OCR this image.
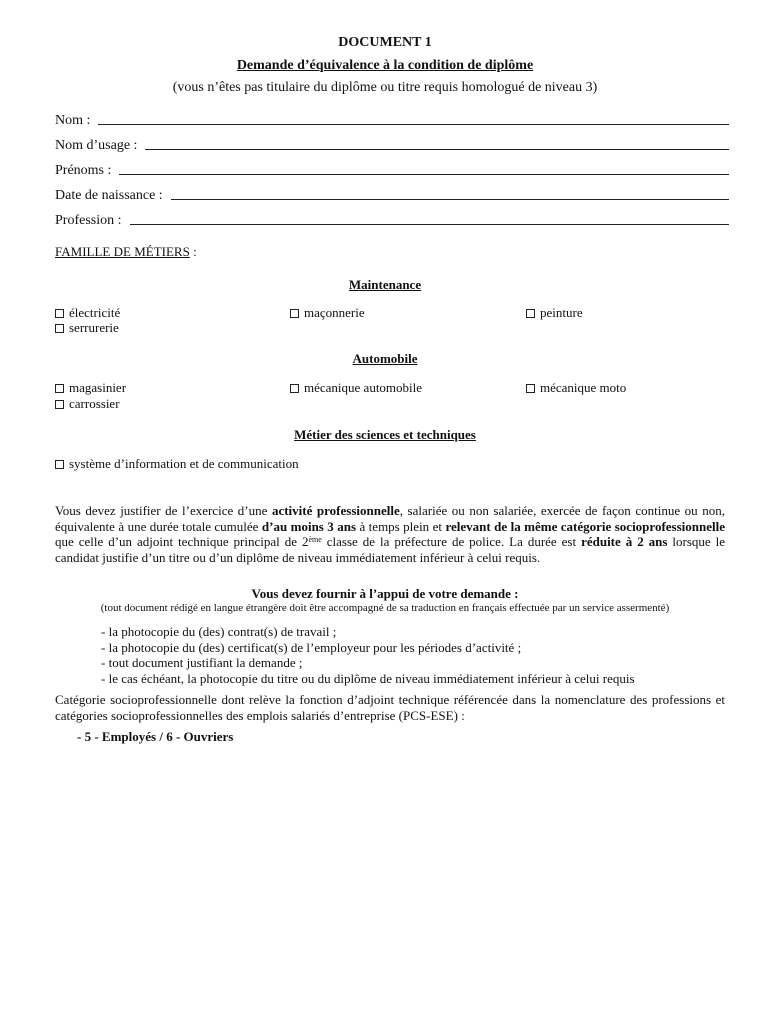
DOCUMENT 1
Demande d’équivalence à la condition de diplôme
(vous n’êtes pas titulaire du diplôme ou titre requis homologué de niveau 3)
Nom :
Nom d’usage :
Prénoms :
Date de naissance :
Profession :
FAMILLE DE MÉTIERS :
Maintenance
électricité	maçonnerie	peinture
serrurerie
Automobile
magasinier	mécanique automobile	mécanique moto
carrossier
Métier des sciences et techniques
système d’information et de communication
Vous devez justifier de l’exercice d’une activité professionnelle, salariée ou non salariée, exercée de façon continue ou non, équivalente à une durée totale cumulée d’au moins 3 ans à temps plein et relevant de la même catégorie socioprofessionnelle que celle d’un adjoint technique principal de 2ème classe de la préfecture de police. La durée est réduite à 2 ans lorsque le candidat justifie d’un titre ou d’un diplôme de niveau immédiatement inférieur à celui requis.
Vous devez fournir à l’appui de votre demande :
(tout document rédigé en langue étrangère doit être accompagné de sa traduction en français effectuée par un service assermenté)
- la photocopie du (des) contrat(s) de travail ;
- la photocopie du (des) certificat(s) de l’employeur pour les périodes d’activité ;
- tout document justifiant la demande ;
- le cas échéant, la photocopie du titre ou du diplôme de niveau immédiatement inférieur à celui requis
Catégorie socioprofessionnelle dont relève la fonction d’adjoint technique référencée dans la nomenclature des professions et catégories socioprofessionnelles des emplois salariés d’entreprise (PCS-ESE) :
- 5 - Employés / 6 - Ouvriers
